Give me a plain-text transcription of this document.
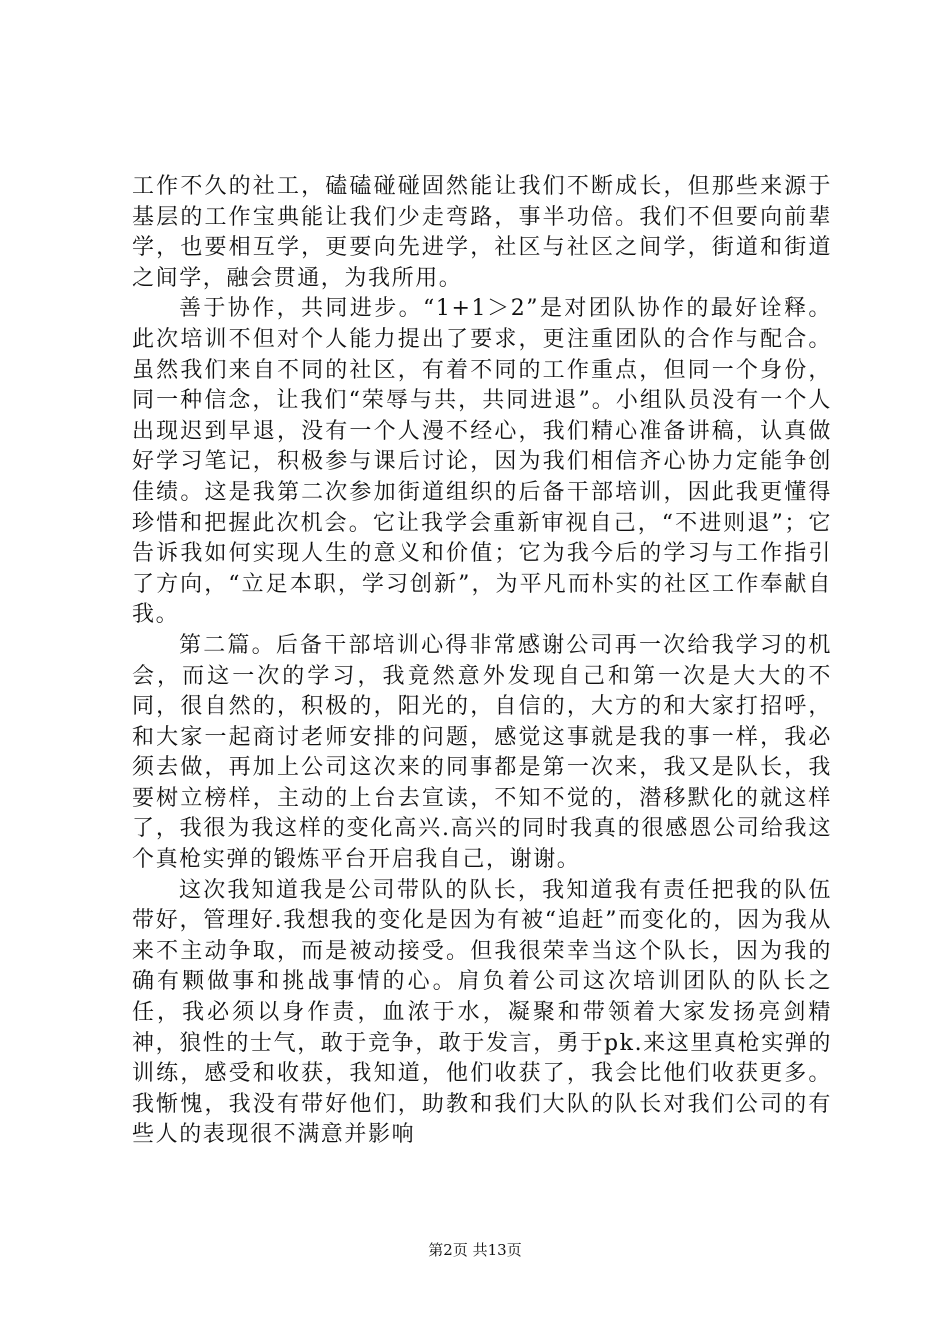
工作不久的社工，磕磕碰碰固然能让我们不断成长，但那些来源于基层的工作宝典能让我们少走弯路，事半功倍。我们不但要向前辈学，也要相互学，更要向先进学，社区与社区之间学，街道和街道之间学，融会贯通，为我所用。

善于协作，共同进步。“1+1＞2”是对团队协作的最好诠释。此次培训不但对个人能力提出了要求，更注重团队的合作与配合。虽然我们来自不同的社区，有着不同的工作重点，但同一个身份，同一种信念，让我们“荣辱与共，共同进退”。小组队员没有一个人出现迟到早退，没有一个人漫不经心，我们精心准备讲稿，认真做好学习笔记，积极参与课后讨论，因为我们相信齐心协力定能争创佳绩。这是我第二次参加街道组织的后备干部培训，因此我更懂得珍惜和把握此次机会。它让我学会重新审视自己，“不进则退”；它告诉我如何实现人生的意义和价值；它为我今后的学习与工作指引了方向，“立足本职，学习创新”，为平凡而朴实的社区工作奉献自我。

第二篇。后备干部培训心得非常感谢公司再一次给我学习的机会，而这一次的学习，我竟然意外发现自己和第一次是大大的不同，很自然的，积极的，阳光的，自信的，大方的和大家打招呼，和大家一起商讨老师安排的问题，感觉这事就是我的事一样，我必须去做，再加上公司这次来的同事都是第一次来，我又是队长，我要树立榜样，主动的上台去宣读，不知不觉的，潜移默化的就这样了，我很为我这样的变化高兴.高兴的同时我真的很感恩公司给我这个真枪实弹的锻炼平台开启我自己，谢谢。

这次我知道我是公司带队的队长，我知道我有责任把我的队伍带好，管理好.我想我的变化是因为有被“追赶”而变化的，因为我从来不主动争取，而是被动接受。但我很荣幸当这个队长，因为我的确有颗做事和挑战事情的心。肩负着公司这次培训团队的队长之任，我必须以身作责，血浓于水，凝聚和带领着大家发扬亮剑精神，狼性的士气，敢于竞争，敢于发言，勇于pk.来这里真枪实弹的训练，感受和收获，我知道，他们收获了，我会比他们收获更多。我惭愧，我没有带好他们，助教和我们大队的队长对我们公司的有些人的表现很不满意并影响

第2页 共13页
